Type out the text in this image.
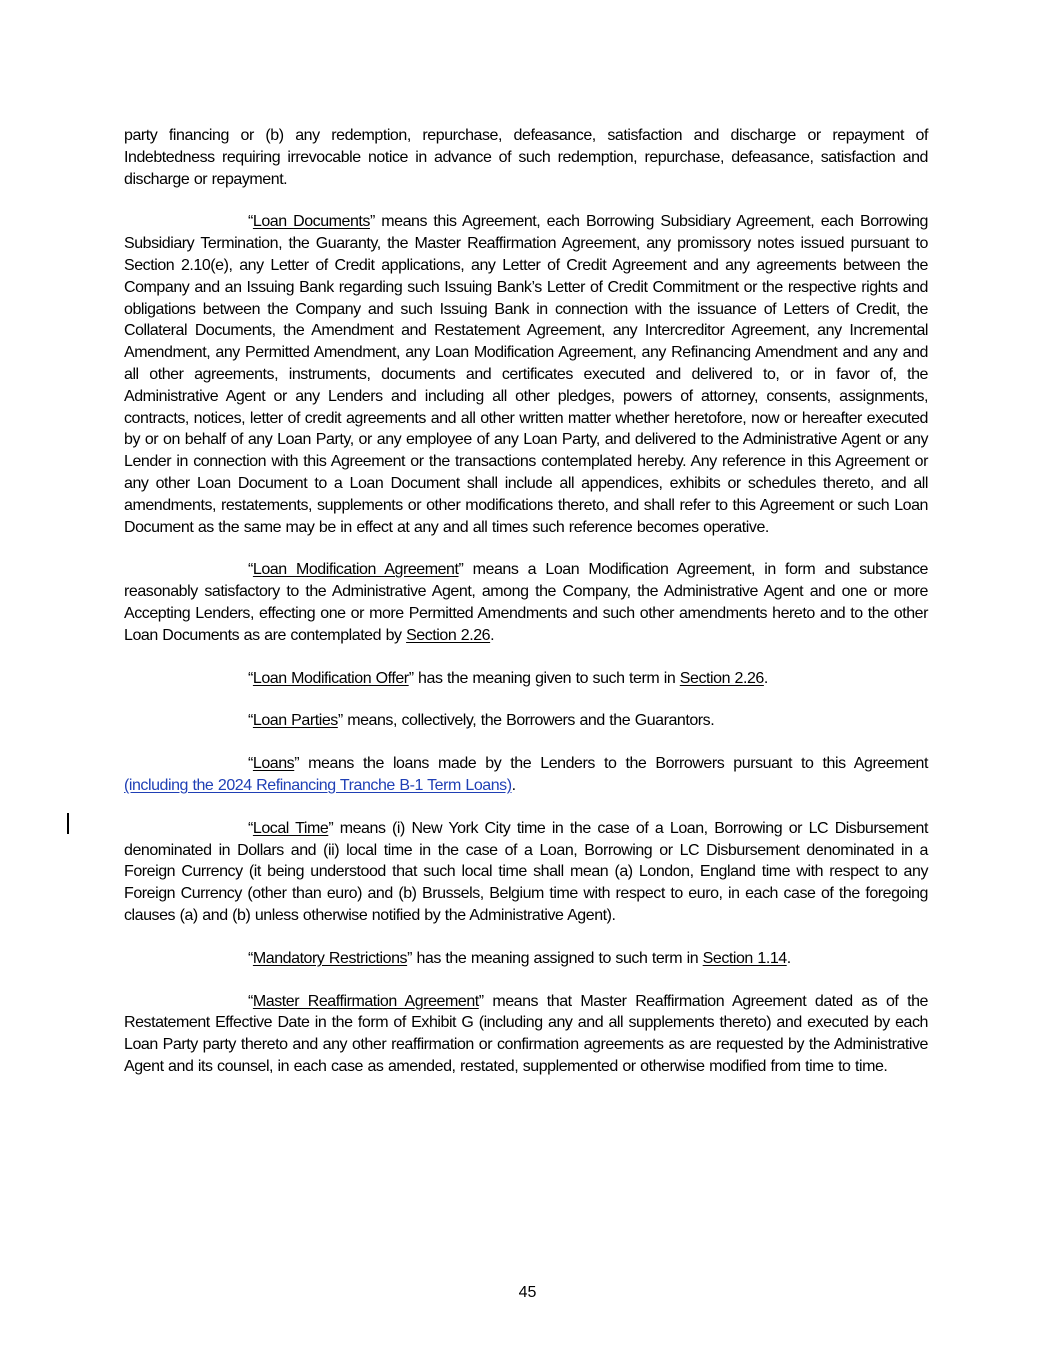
party financing or (b) any redemption, repurchase, defeasance, satisfaction and discharge or repayment of Indebtedness requiring irrevocable notice in advance of such redemption, repurchase, defeasance, satisfaction and discharge or repayment.

“Loan Documents” means this Agreement, each Borrowing Subsidiary Agreement, each Borrowing Subsidiary Termination, the Guaranty, the Master Reaffirmation Agreement, any promissory notes issued pursuant to Section 2.10(e), any Letter of Credit applications, any Letter of Credit Agreement and any agreements between the Company and an Issuing Bank regarding such Issuing Bank’s Letter of Credit Commitment or the respective rights and obligations between the Company and such Issuing Bank in connection with the issuance of Letters of Credit, the Collateral Documents, the Amendment and Restatement Agreement, any Intercreditor Agreement, any Incremental Amendment, any Permitted Amendment, any Loan Modification Agreement, any Refinancing Amendment and any and all other agreements, instruments, documents and certificates executed and delivered to, or in favor of, the Administrative Agent or any Lenders and including all other pledges, powers of attorney, consents, assignments, contracts, notices, letter of credit agreements and all other written matter whether heretofore, now or hereafter executed by or on behalf of any Loan Party, or any employee of any Loan Party, and delivered to the Administrative Agent or any Lender in connection with this Agreement or the transactions contemplated hereby. Any reference in this Agreement or any other Loan Document to a Loan Document shall include all appendices, exhibits or schedules thereto, and all amendments, restatements, supplements or other modifications thereto, and shall refer to this Agreement or such Loan Document as the same may be in effect at any and all times such reference becomes operative.

“Loan Modification Agreement” means a Loan Modification Agreement, in form and substance reasonably satisfactory to the Administrative Agent, among the Company, the Administrative Agent and one or more Accepting Lenders, effecting one or more Permitted Amendments and such other amendments hereto and to the other Loan Documents as are contemplated by Section 2.26.

“Loan Modification Offer” has the meaning given to such term in Section 2.26.

“Loan Parties” means, collectively, the Borrowers and the Guarantors.

“Loans” means the loans made by the Lenders to the Borrowers pursuant to this Agreement (including the 2024 Refinancing Tranche B-1 Term Loans).

“Local Time” means (i) New York City time in the case of a Loan, Borrowing or LC Disbursement denominated in Dollars and (ii) local time in the case of a Loan, Borrowing or LC Disbursement denominated in a Foreign Currency (it being understood that such local time shall mean (a) London, England time with respect to any Foreign Currency (other than euro) and (b) Brussels, Belgium time with respect to euro, in each case of the foregoing clauses (a) and (b) unless otherwise notified by the Administrative Agent).

“Mandatory Restrictions” has the meaning assigned to such term in Section 1.14.

“Master Reaffirmation Agreement” means that Master Reaffirmation Agreement dated as of the Restatement Effective Date in the form of Exhibit G (including any and all supplements thereto) and executed by each Loan Party party thereto and any other reaffirmation or confirmation agreements as are requested by the Administrative Agent and its counsel, in each case as amended, restated, supplemented or otherwise modified from time to time.

45
